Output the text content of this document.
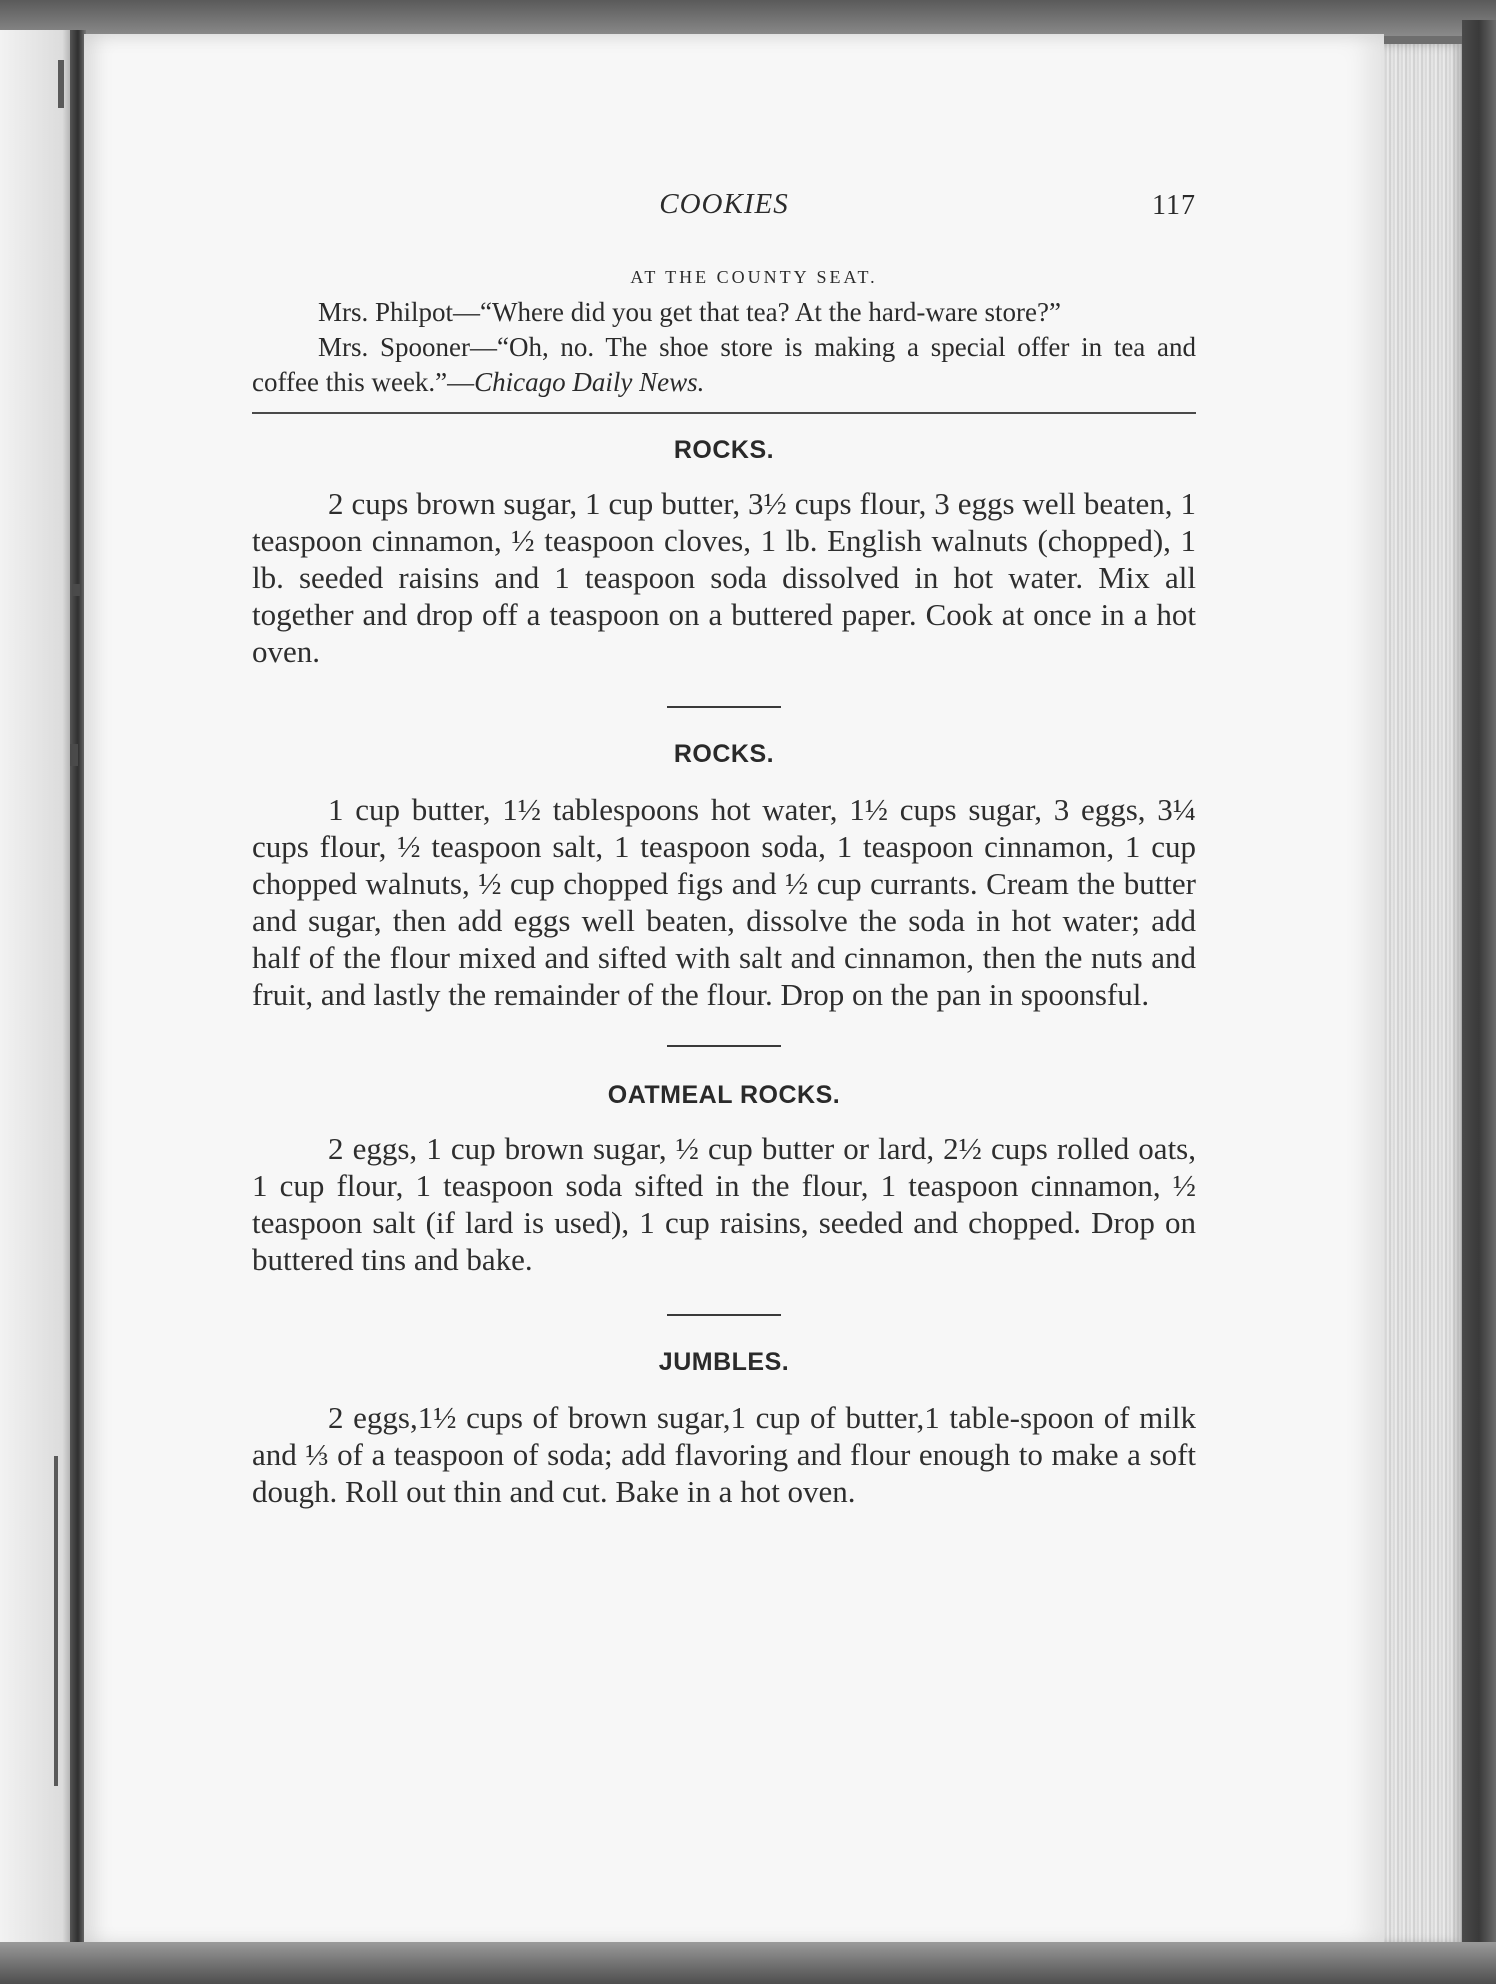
COOKIES	117
AT THE COUNTY SEAT.

Mrs. Philpot—“Where did you get that tea? At the hard-ware store?”

Mrs. Spooner—“Oh, no. The shoe store is making a special offer in tea and coffee this week.”—Chicago Daily News.

ROCKS.

2 cups brown sugar, 1 cup butter, 3½ cups flour, 3 eggs well beaten, 1 teaspoon cinnamon, ½ teaspoon cloves, 1 lb. English walnuts (chopped), 1 lb. seeded raisins and 1 teaspoon soda dissolved in hot water. Mix all together and drop off a teaspoon on a buttered paper. Cook at once in a hot oven.

ROCKS.

1 cup butter, 1½ tablespoons hot water, 1½ cups sugar, 3 eggs, 3¼ cups flour, ½ teaspoon salt, 1 teaspoon soda, 1 teaspoon cinnamon, 1 cup chopped walnuts, ½ cup chopped figs and ½ cup currants. Cream the butter and sugar, then add eggs well beaten, dissolve the soda in hot water; add half of the flour mixed and sifted with salt and cinnamon, then the nuts and fruit, and lastly the remainder of the flour. Drop on the pan in spoonsful.

OATMEAL ROCKS.

2 eggs, 1 cup brown sugar, ½ cup butter or lard, 2½ cups rolled oats, 1 cup flour, 1 teaspoon soda sifted in the flour, 1 teaspoon cinnamon, ½ teaspoon salt (if lard is used), 1 cup raisins, seeded and chopped. Drop on buttered tins and bake.

JUMBLES.

2 eggs,1½ cups of brown sugar,1 cup of butter,1 table-spoon of milk and ⅓ of a teaspoon of soda; add flavoring and flour enough to make a soft dough. Roll out thin and cut. Bake in a hot oven.
